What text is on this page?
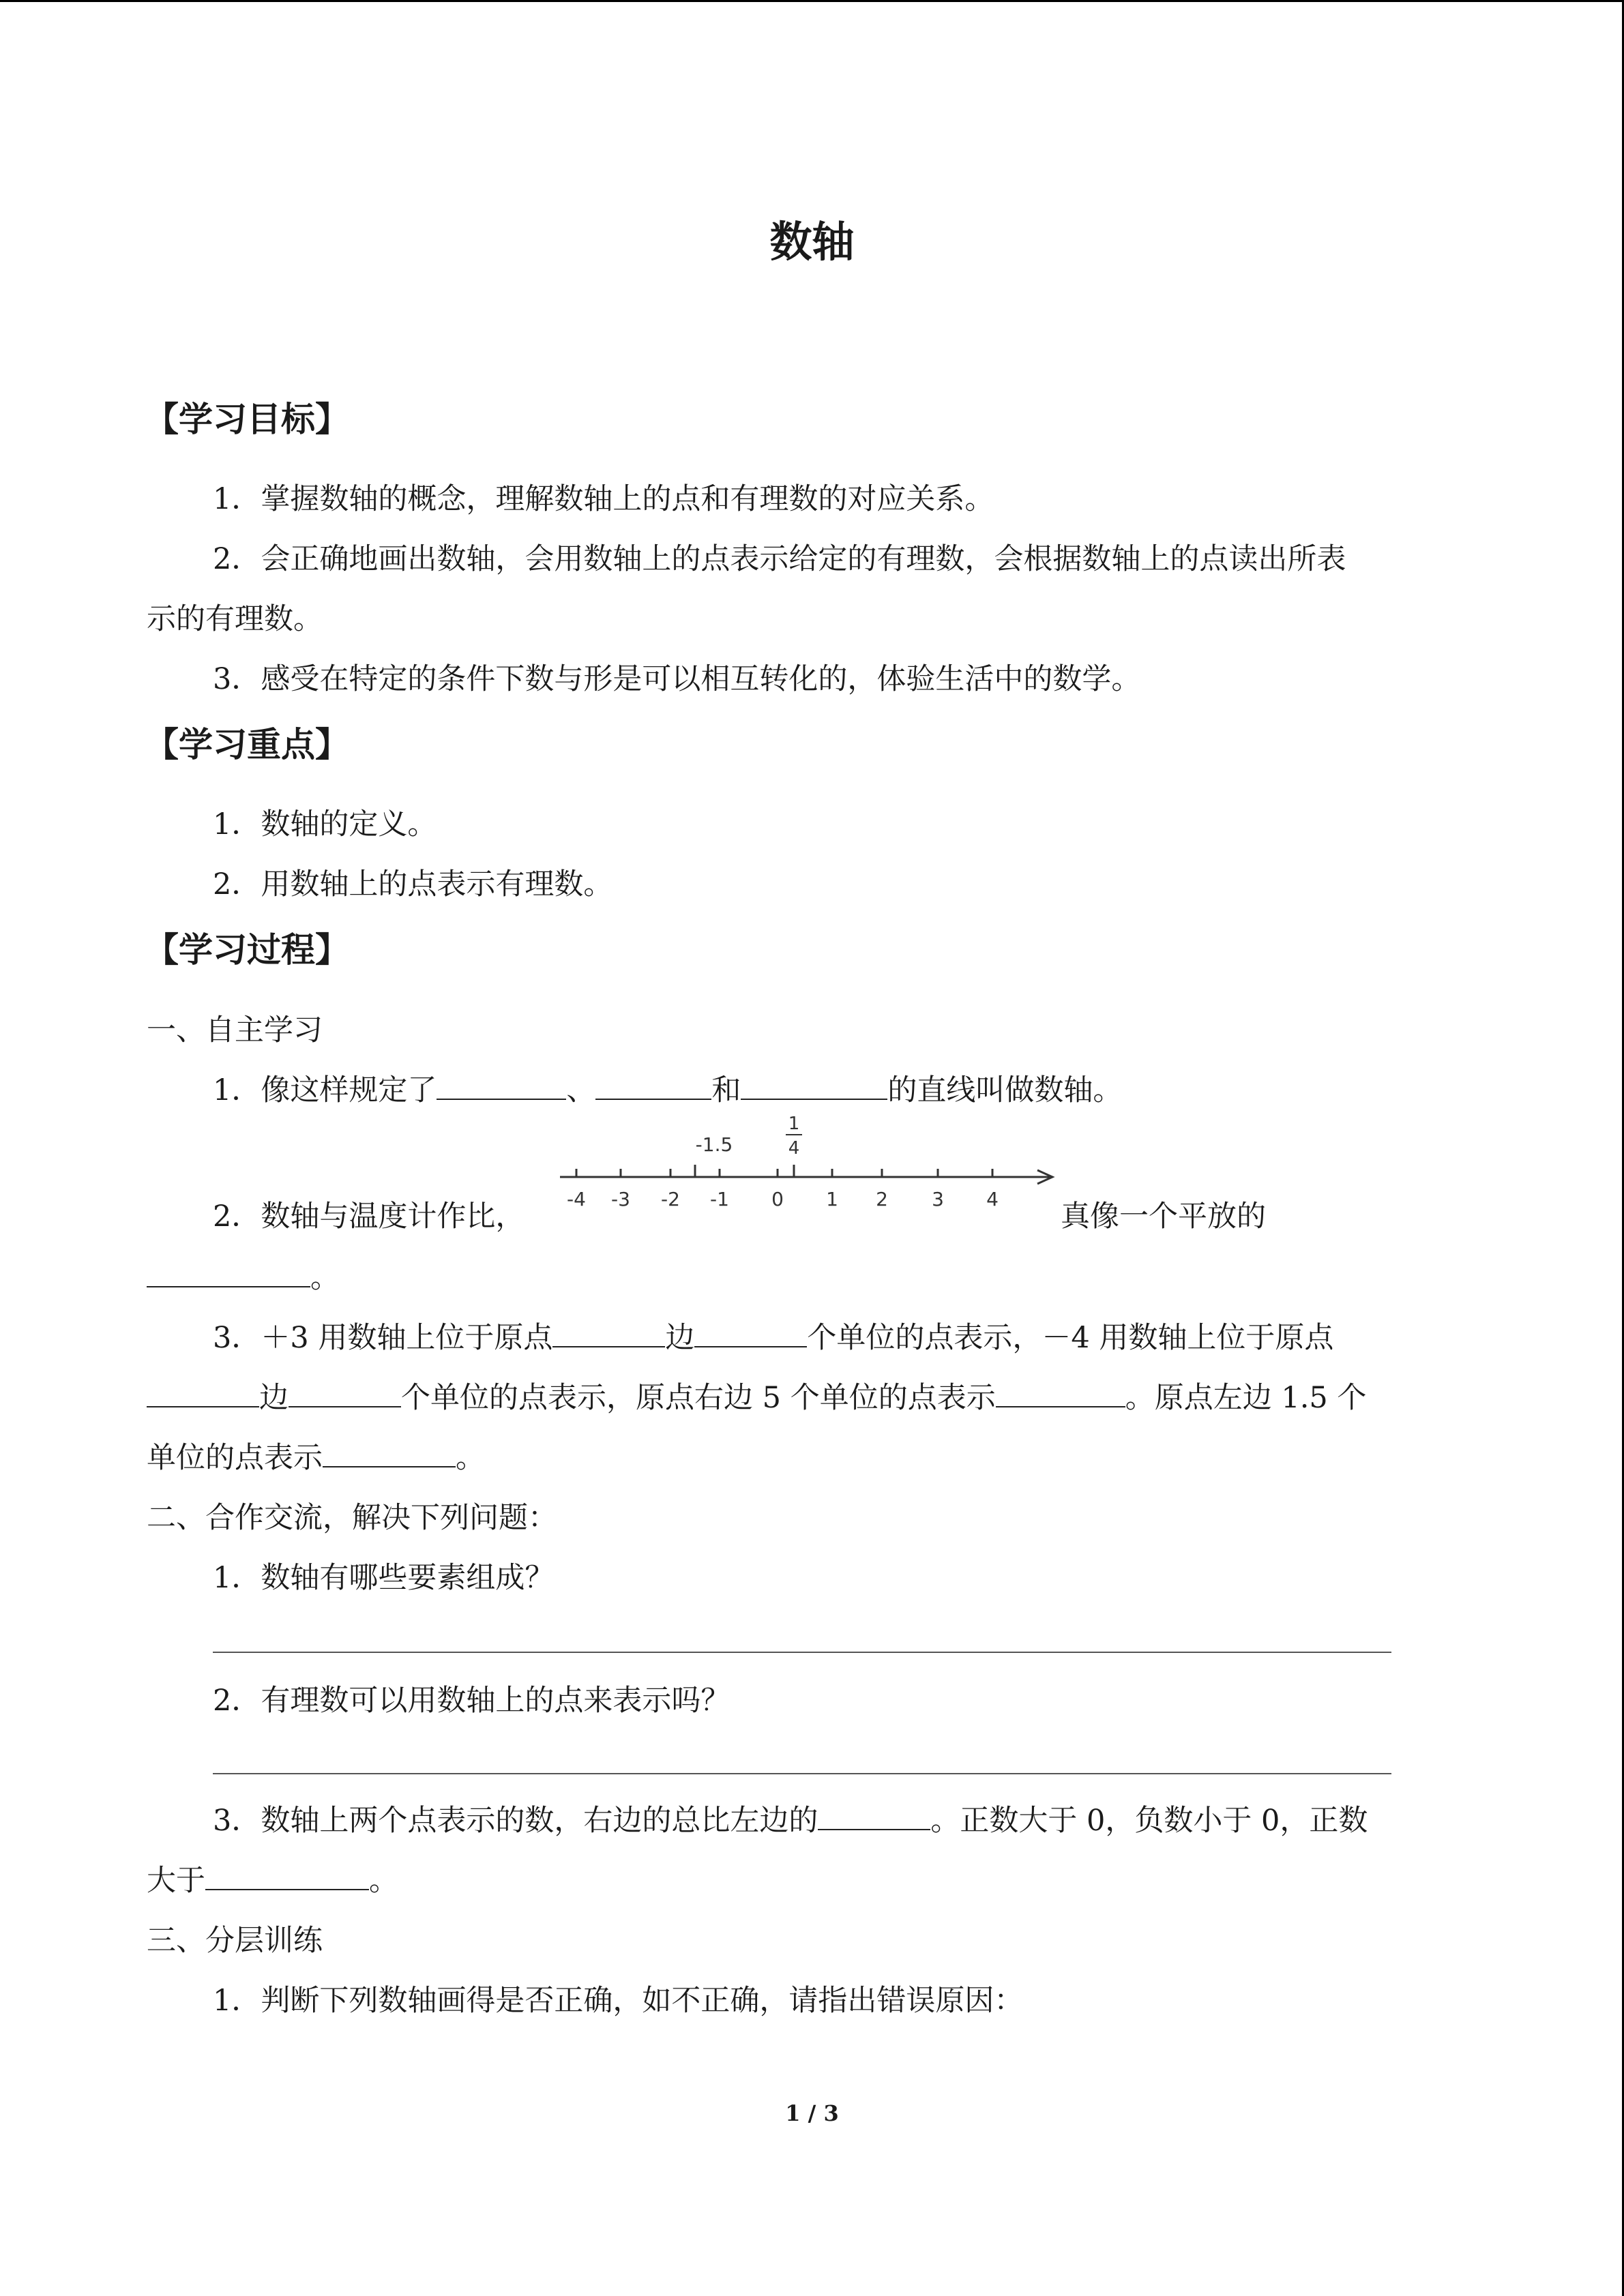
数轴
【学习目标】
1．掌握数轴的概念，理解数轴上的点和有理数的对应关系。
2．会正确地画出数轴，会用数轴上的点表示给定的有理数，会根据数轴上的点读出所表
示的有理数。
3．感受在特定的条件下数与形是可以相互转化的，体验生活中的数学。
【学习重点】
1．数轴的定义。
2．用数轴上的点表示有理数。
【学习过程】
一、自主学习
1．像这样规定了	、	和	的直线叫做数轴。
2．数轴与温度计作比，
-4 -3 -2 -1 0 1 2 3 4
-1.5
1
4
真像一个平放的
。
3．＋3 用数轴上位于原点	边	个单位的点表示，－4 用数轴上位于原点
边	个单位的点表示，原点右边 5 个单位的点表示	。原点左边 1.5 个
单位的点表示	。
二、合作交流，解决下列问题：
1．数轴有哪些要素组成？
2．有理数可以用数轴上的点来表示吗？
3．数轴上两个点表示的数，右边的总比左边的	。正数大于 0，负数小于 0，正数
大于	。
三、分层训练
1．判断下列数轴画得是否正确，如不正确，请指出错误原因：
1 / 3
